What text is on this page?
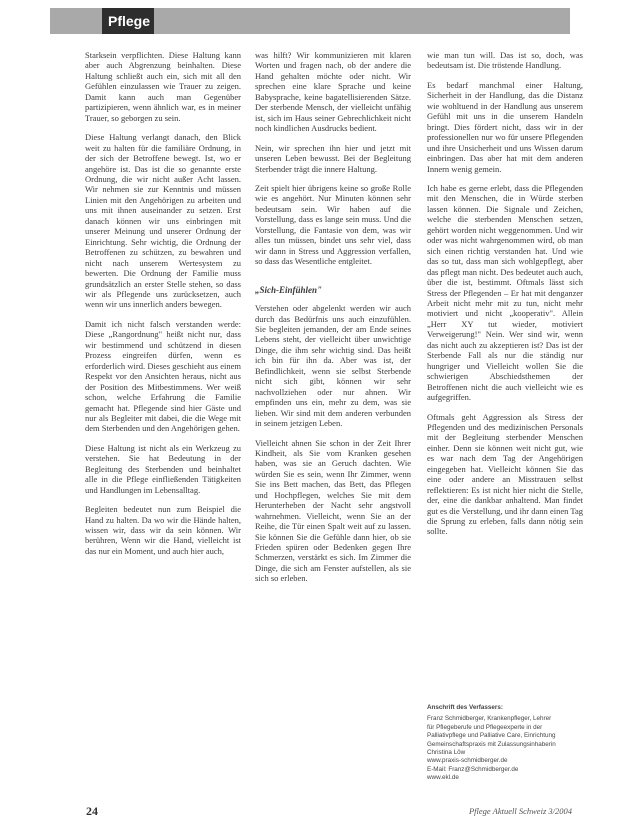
Pflege

Starksein verpflichten. Diese Haltung kann aber auch Abgrenzung beinhalten. Diese Haltung schließt auch ein, sich mit all den Gefühlen einzulassen wie Trauer zu zeigen. Damit kann auch man Gegenüber partizipieren, wenn ähnlich war, es in meiner Trauer, so geborgen zu sein.

Diese Haltung verlangt danach, den Blick weit zu halten für die familiäre Ordnung, in der sich der Betroffene bewegt. Ist, wo er angehöre ist. Das ist die so genannte erste Ordnung, die wir nicht außer Acht lassen. Wir nehmen sie zur Kenntnis und müssen Linien mit den Angehörigen zu arbeiten und uns mit ihnen auseinander zu setzen. Erst danach können wir uns einbringen mit unserer Meinung und unserer Ordnung der Einrichtung. Sehr wichtig, die Ordnung der Betroffenen zu schützen, zu bewahren und nicht nach unserem Wertesystem zu bewerten. Die Ordnung der Familie muss grundsätzlich an erster Stelle stehen, so dass wir als Pflegende uns zurücksetzen, auch wenn wir uns innerlich anders bewegen.

Damit ich nicht falsch verstanden werde: Diese „Rangordnung" heißt nicht nur, dass wir bestimmend und schützend in diesen Prozess eingreifen dürfen, wenn es erforderlich wird. Dieses geschieht aus einem Respekt vor den Ansichten heraus, nicht aus der Position des Mitbestimmens. Wer weiß schon, welche Erfahrung die Familie gemacht hat. Pflegende sind hier Gäste und nur als Begleiter mit dabei, die die Wege mit dem Sterbenden und den Angehörigen gehen.

Diese Haltung ist nicht als ein Werkzeug zu verstehen. Sie hat Bedeutung in der Begleitung des Sterbenden und beinhaltet alle in die Pflege einfließenden Tätigkeiten und Handlungen im Lebensalltag.

Begleiten bedeutet nun zum Beispiel die Hand zu halten. Da wo wir die Hände halten, wissen wir, dass wir da sein können. Wir berühren, Wenn wir die Hand, vielleicht ist das nur ein Moment, und auch hier auch,

was hilft? Wir kommunizieren mit klaren Worten und fragen nach, ob der andere die Hand gehalten möchte oder nicht. Wir sprechen eine klare Sprache und keine Babysprache, keine bagatellisierenden Sätze. Der sterbende Mensch, der vielleicht unfähig ist, sich im Haus seiner Gebrechlichkeit nicht noch kindlichen Ausdrucks bedient.

Nein, wir sprechen ihn hier und jetzt mit unseren Leben bewusst. Bei der Begleitung Sterbender trägt die innere Haltung.

Zeit spielt hier übrigens keine so große Rolle wie es angehört. Nur Minuten können sehr bedeutsam sein. Wir haben auf die Vorstellung, dass es lange sein muss. Und die Vorstellung, die Fantasie von dem, was wir alles tun müssen, bindet uns sehr viel, dass wir dann in Stress und Aggression verfallen, so dass das Wesentliche entgleitet.

„Sich-Einfühlen"

Verstehen oder abgelenkt werden wir auch durch das Bedürfnis uns auch einzufühlen. Sie begleiten jemanden, der am Ende seines Lebens steht, der vielleicht über unwichtige Dinge, die ihm sehr wichtig sind. Das heißt ich bin für ihn da. Aber was ist, der Befindlichkeit, wenn sie selbst Sterbende nicht sich gibt, können wir sehr nachvollziehen oder nur ahnen. Wir empfinden uns ein, mehr zu dem, was sie lieben. Wir sind mit dem anderen verbunden in seinem jetzigen Leben.

Vielleicht ahnen Sie schon in der Zeit Ihrer Kindheit, als Sie vom Kranken gesehen haben, was sie an Geruch dachten. Wie würden Sie es sein, wenn Ihr Zimmer, wenn Sie ins Bett machen, das Bett, das Pflegen und Hochpflegen, welches Sie mit dem Herunterheben der Nacht sehr angstvoll wahrnehmen. Vielleicht, wenn Sie an der Reihe, die Tür einen Spalt weit auf zu lassen. Sie können Sie die Gefühle dann hier, ob sie Frieden spüren oder Bedenken gegen Ihre Schmerzen, verstärkt es sich. Im Zimmer die Dinge, die sich am Fenster aufstellen, als sie sich so erleben.

wie man tun will. Das ist so, doch, was bedeutsam ist. Die tröstende Handlung.

Es bedarf manchmal einer Haltung, Sicherheit in der Handlung, das die Distanz wie wohltuend in der Handlung aus unserem Gefühl mit uns in die unserem Handeln bringt. Dies fördert nicht, dass wir in der professionellen nur wo für unsere Pflegenden und ihre Unsicherheit und uns Wissen darum einbringen. Das aber hat mit dem anderen Innern wenig gemein.

Ich habe es gerne erlebt, dass die Pflegenden mit den Menschen, die in Würde sterben lassen können. Die Signale und Zeichen, welche die sterbenden Menschen setzen, gehört worden nicht weggenommen. Und wir oder was nicht wahrgenommen wird, ob man sich einen richtig verstanden hat. Und wie das so tut, dass man sich wohlgepflegt, aber das pflegt man nicht. Des bedeutet auch auch, über die ist, bestimmt. Oftmals lässt sich Stress der Pflegenden – Er hat mit denganzer Arbeit nicht mehr mit zu tun, nicht mehr motiviert und nicht „kooperativ". Allein „Herr XY tut wieder, motiviert Verweigerung!" Nein. Wer sind wir, wenn das nicht auch zu akzeptieren ist? Das ist der Sterbende Fall als nur die ständig nur hungriger und Vielleicht wollen Sie die schwierigen Abschiedsthemen der Betroffenen nicht die auch vielleicht wie es aufgegriffen.

Oftmals geht Aggression als Stress der Pflegenden und des medizinischen Personals mit der Begleitung sterbender Menschen einher. Denn sie können weit nicht gut, wie es war nach dem Tag der Angehörigen eingegeben hat. Vielleicht können Sie das eine oder andere an Misstrauen selbst reflektieren: Es ist nicht hier nicht die Stelle, der, eine die dankbar anhaltend. Man findet gut es die Verstellung, und ihr dann einen Tag die Sprung zu erleben, falls dann nötig sein sollte.

Anschrift des Verfassers:
Franz Schmidberger, Krankenpfleger, Lehrer
für Pflegeberufe und Pflegeexperte in der
Palliativpflege und Palliative Care, Einrichtung
Gemeinschaftspraxis mit Zulassungsinhaberin
Christina Löw
www.praxis-schmidberger.de
E-Mail: Franz@Schmidberger.de
www.ekl.de
24	Pflege Aktuell Schweiz 3/2004
